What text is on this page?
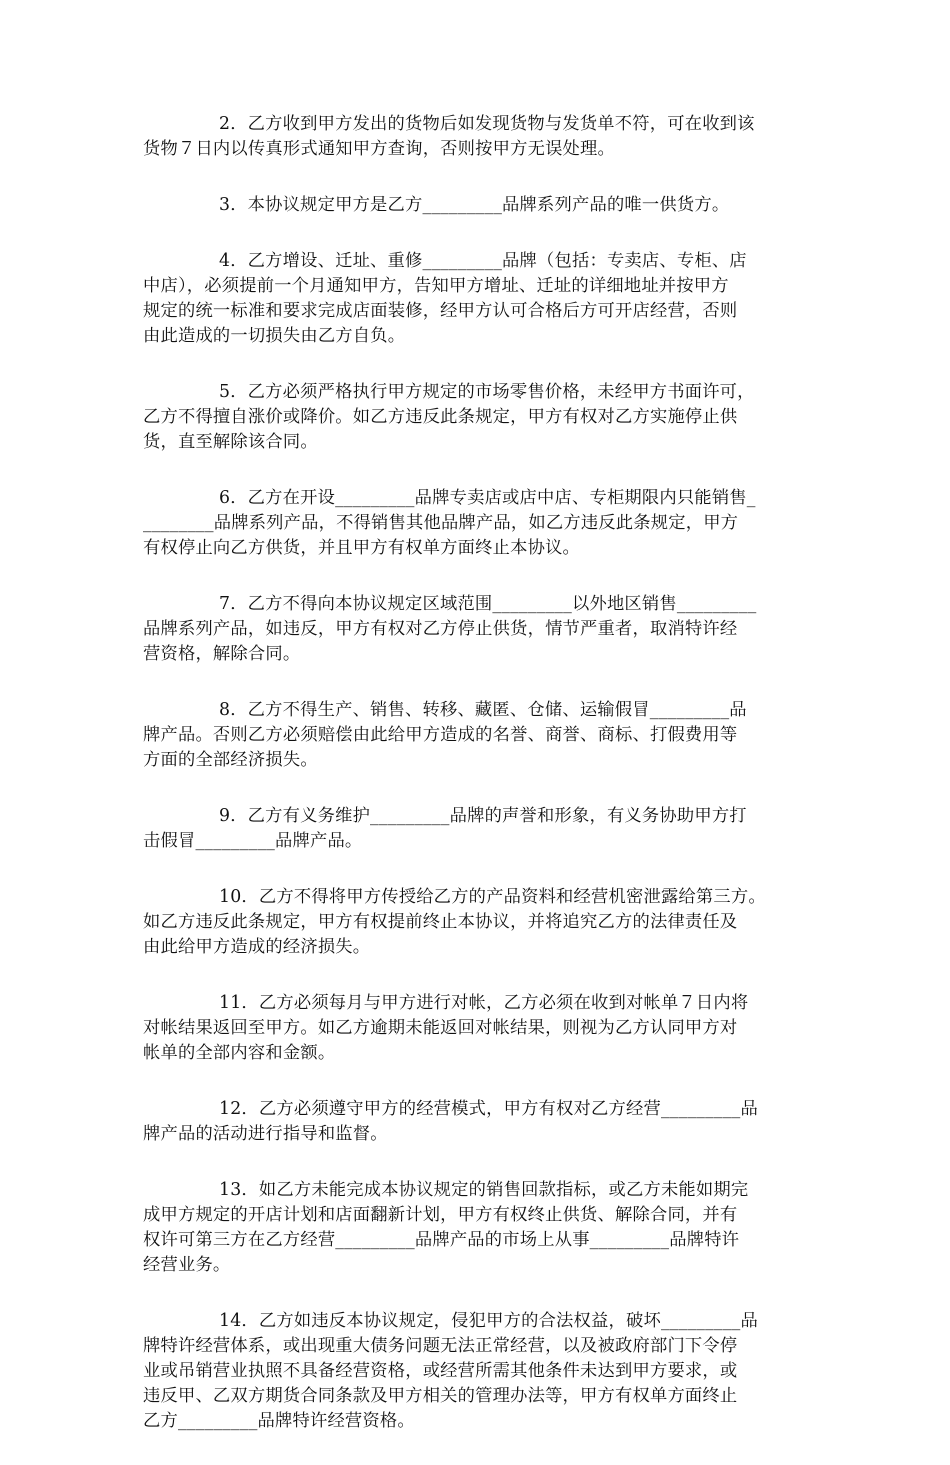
2．乙方收到甲方发出的货物后如发现货物与发货单不符，可在收到该
货物７日内以传真形式通知甲方查询，否则按甲方无误处理。
3．本协议规定甲方是乙方_________品牌系列产品的唯一供货方。
4．乙方增设、迁址、重修_________品牌（包括：专卖店、专柜、店
中店），必须提前一个月通知甲方，告知甲方增址、迁址的详细地址并按甲方
规定的统一标准和要求完成店面装修，经甲方认可合格后方可开店经营，否则
由此造成的一切损失由乙方自负。
5．乙方必须严格执行甲方规定的市场零售价格，未经甲方书面许可，
乙方不得擅自涨价或降价。如乙方违反此条规定，甲方有权对乙方实施停止供
货，直至解除该合同。
6．乙方在开设_________品牌专卖店或店中店、专柜期限内只能销售_
________品牌系列产品，不得销售其他品牌产品，如乙方违反此条规定，甲方
有权停止向乙方供货，并且甲方有权单方面终止本协议。
7．乙方不得向本协议规定区域范围_________以外地区销售_________
品牌系列产品，如违反，甲方有权对乙方停止供货，情节严重者，取消特许经
营资格，解除合同。
8．乙方不得生产、销售、转移、藏匿、仓储、运输假冒_________品
牌产品。否则乙方必须赔偿由此给甲方造成的名誉、商誉、商标、打假费用等
方面的全部经济损失。
9．乙方有义务维护_________品牌的声誉和形象，有义务协助甲方打
击假冒_________品牌产品。
10．乙方不得将甲方传授给乙方的产品资料和经营机密泄露给第三方。
如乙方违反此条规定，甲方有权提前终止本协议，并将追究乙方的法律责任及
由此给甲方造成的经济损失。
11．乙方必须每月与甲方进行对帐，乙方必须在收到对帐单７日内将
对帐结果返回至甲方。如乙方逾期未能返回对帐结果，则视为乙方认同甲方对
帐单的全部内容和金额。
12．乙方必须遵守甲方的经营模式，甲方有权对乙方经营_________品
牌产品的活动进行指导和监督。
13．如乙方未能完成本协议规定的销售回款指标，或乙方未能如期完
成甲方规定的开店计划和店面翻新计划，甲方有权终止供货、解除合同，并有
权许可第三方在乙方经营_________品牌产品的市场上从事_________品牌特许
经营业务。
14．乙方如违反本协议规定，侵犯甲方的合法权益，破坏_________品
牌特许经营体系，或出现重大债务问题无法正常经营，以及被政府部门下令停
业或吊销营业执照不具备经营资格，或经营所需其他条件未达到甲方要求，或
违反甲、乙双方期货合同条款及甲方相关的管理办法等，甲方有权单方面终止
乙方_________品牌特许经营资格。
